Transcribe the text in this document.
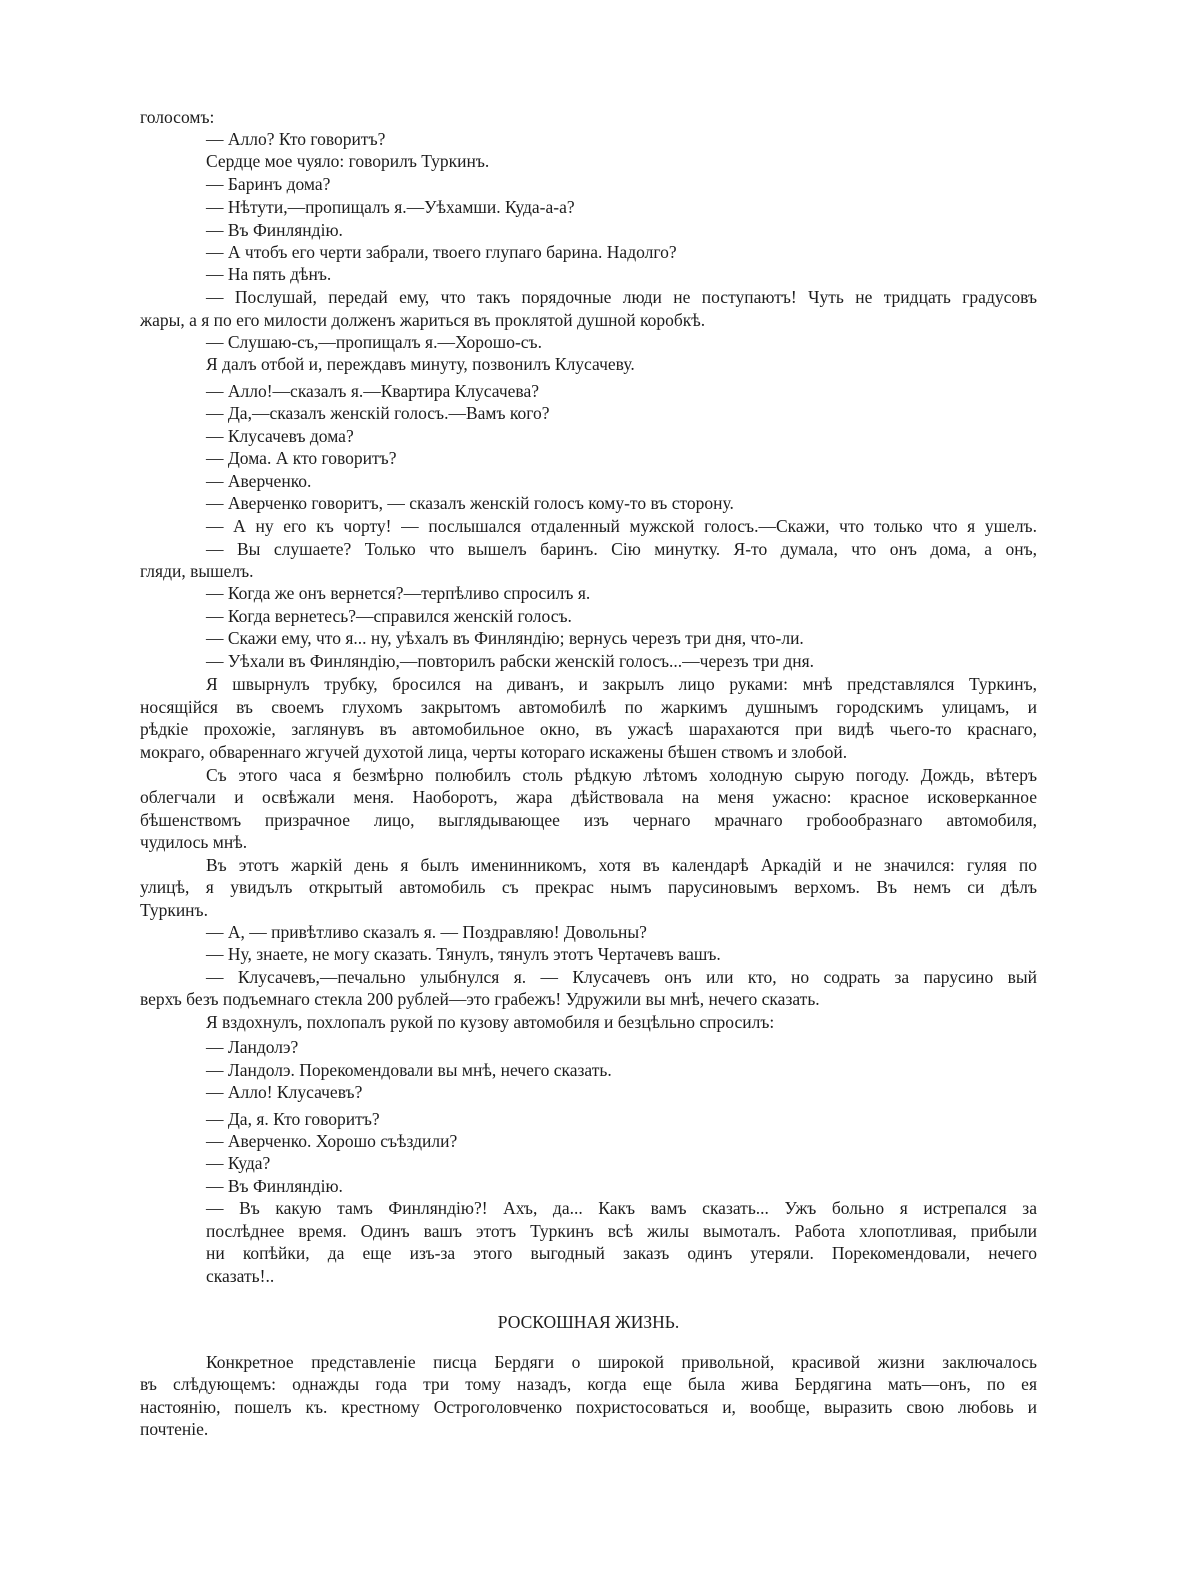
голосомъ:
— Алло? Кто говоритъ?
Сердце мое чуяло: говорилъ Туркинъ.
— Баринъ дома?
— Нѣтути,—пропищалъ я.—Уѣхамши. Куда-а-а?
— Въ Финляндію.
— А чтобъ его черти забрали, твоего глупаго барина. Надолго?
— На пять дѣнъ.
— Послушай, передай ему, что такъ порядочные люди не поступаютъ! Чуть не тридцать градусовъ
жары, а я по его милости долженъ жариться въ проклятой душной коробкѣ.
— Слушаю-съ,—пропищалъ я.—Хорошо-съ.
Я далъ отбой и, переждавъ минуту, позвонилъ Клусачеву.
— Алло!—сказалъ я.—Квартира Клусачева?
— Да,—сказалъ женскій голосъ.—Вамъ кого?
— Клусачевъ дома?
— Дома. А кто говоритъ?
— Аверченко.
— Аверченко говоритъ, — сказалъ женскій голосъ кому-то въ сторону.
— А ну его къ чорту! — послышался отдаленный мужской голосъ.—Скажи, что только что я ушелъ.
— Вы слушаете? Только что вышелъ баринъ. Сію минутку. Я-то думала, что онъ дома, а онъ,
гляди, вышелъ.
— Когда же онъ вернется?—терпѣливо спросилъ я.
— Когда вернетесь?—справился женскій голосъ.
— Скажи ему, что я... ну, уѣхалъ въ Финляндію; вернусь черезъ три дня, что-ли.
— Уѣхали въ Финляндію,—повторилъ рабски женскій голосъ...—черезъ три дня.
Я швырнулъ трубку, бросился на диванъ, и закрылъ лицо руками: мнѣ представлялся Туркинъ,
носящійся въ своемъ глухомъ закрытомъ автомобилѣ по жаркимъ душнымъ городскимъ улицамъ, и
рѣдкіе прохожіе, заглянувъ въ автомобильное окно, въ ужасѣ шарахаются при видѣ чьего-то краснаго,
мокраго, обвареннаго жгучей духотой лица, черты котораго искажены бѣшен ствомъ и злобой.
Съ этого часа я безмѣрно полюбилъ столь рѣдкую лѣтомъ холодную сырую погоду. Дождь, вѣтеръ
облегчали и освѣжали меня. Наоборотъ, жара дѣйствовала на меня ужасно: красное исковерканное
бѣшенствомъ призрачное лицо, выглядывающее изъ чернаго мрачнаго гробообразнаго автомобиля,
чудилось мнѣ.
Въ этотъ жаркій день я былъ именинникомъ, хотя въ календарѣ Аркадій и не значился: гуляя по
улицѣ, я увидълъ открытый автомобиль съ прекрас нымъ парусиновымъ верхомъ. Въ немъ си дѣлъ
Туркинъ.
— А, — привѣтливо сказалъ я. — Поздравляю! Довольны?
— Ну, знаете, не могу сказать. Тянулъ, тянулъ этотъ Чертачевъ вашъ.
— Клусачевъ,—печально улыбнулся я. — Клусачевъ онъ или кто, но содрать за парусино вый
верхъ безъ подъемнаго стекла 200 рублей—это грабежъ! Удружили вы мнѣ, нечего сказать.
Я вздохнулъ, похлопалъ рукой по кузову автомобиля и безцѣльно спросилъ:
— Ландолэ?
— Ландолэ. Порекомендовали вы мнѣ, нечего сказать.
— Алло! Клусачевъ?
— Да, я. Кто говоритъ?
— Аверченко. Хорошо съѣздили?
— Куда?
— Въ Финляндію.
— Въ какую тамъ Финляндію?! Ахъ, да... Какъ вамъ сказать... Ужъ больно я истрепался за
послѣднее время. Одинъ вашъ этотъ Туркинъ всѣ жилы вымоталъ. Работа хлопотливая, прибыли
ни копѣйки, да еще изъ-за этого выгодный заказъ одинъ утеряли. Порекомендовали, нечего
сказать!..
РОСКОШНАЯ ЖИЗНЬ.
Конкретное представленіе писца Бердяги о широкой привольной, красивой жизни заключалось
въ слѣдующемъ: однажды года три тому назадъ, когда еще была жива Бердягина мать—онъ, по ея
настоянію, пошелъ къ. крестному Остроголовченко похристосоваться и, вообще, выразить свою любовь и
почтеніе.
